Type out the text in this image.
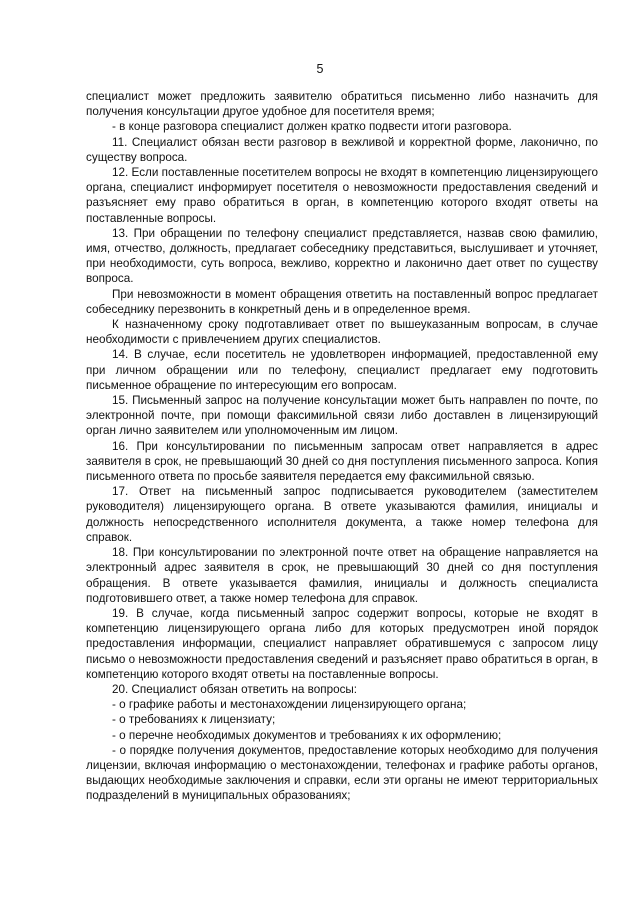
5

специалист может предложить заявителю обратиться письменно либо назначить для получения консультации другое удобное для посетителя время;

- в конце разговора специалист должен кратко подвести итоги разговора.

11. Специалист обязан вести разговор в вежливой и корректной форме, лаконично, по существу вопроса.

12. Если поставленные посетителем вопросы не входят в компетенцию лицензирующего органа, специалист информирует посетителя о невозможности предоставления сведений и разъясняет ему право обратиться в орган, в компетенцию которого входят ответы на поставленные вопросы.

13. При обращении по телефону специалист представляется, назвав свою фамилию, имя, отчество, должность, предлагает собеседнику представиться, выслушивает и уточняет, при необходимости, суть вопроса, вежливо, корректно и лаконично дает ответ по существу вопроса.

При невозможности в момент обращения ответить на поставленный вопрос предлагает собеседнику перезвонить в конкретный день и в определенное время.

К назначенному сроку подготавливает ответ по вышеуказанным вопросам, в случае необходимости с привлечением других специалистов.

14. В случае, если посетитель не удовлетворен информацией, предоставленной ему при личном обращении или по телефону, специалист предлагает ему подготовить письменное обращение по интересующим его вопросам.

15. Письменный запрос на получение консультации может быть направлен по почте, по электронной почте, при помощи факсимильной связи либо доставлен в лицензирующий орган лично заявителем или уполномоченным им лицом.

16. При консультировании по письменным запросам ответ направляется в адрес заявителя в срок, не превышающий 30 дней со дня поступления письменного запроса. Копия письменного ответа по просьбе заявителя передается ему факсимильной связью.

17. Ответ на письменный запрос подписывается руководителем (заместителем руководителя) лицензирующего органа. В ответе указываются фамилия, инициалы и должность непосредственного исполнителя документа, а также номер телефона для справок.

18. При консультировании по электронной почте ответ на обращение направляется на электронный адрес заявителя в срок, не превышающий 30 дней со дня поступления обращения. В ответе указывается фамилия, инициалы и должность специалиста подготовившего ответ, а также номер телефона для справок.

19. В случае, когда письменный запрос содержит вопросы, которые не входят в компетенцию лицензирующего органа либо для которых предусмотрен иной порядок предоставления информации, специалист направляет обратившемуся с запросом лицу письмо о невозможности предоставления сведений и разъясняет право обратиться в орган, в компетенцию которого входят ответы на поставленные вопросы.

20. Специалист обязан ответить на вопросы:

- о графике работы и местонахождении лицензирующего органа;

- о требованиях к лицензиату;

- о перечне необходимых документов и требованиях к их оформлению;

- о порядке получения документов, предоставление которых необходимо для получения лицензии, включая информацию о местонахождении, телефонах и графике работы органов, выдающих необходимые заключения и справки, если эти органы не имеют территориальных подразделений в муниципальных образованиях;
